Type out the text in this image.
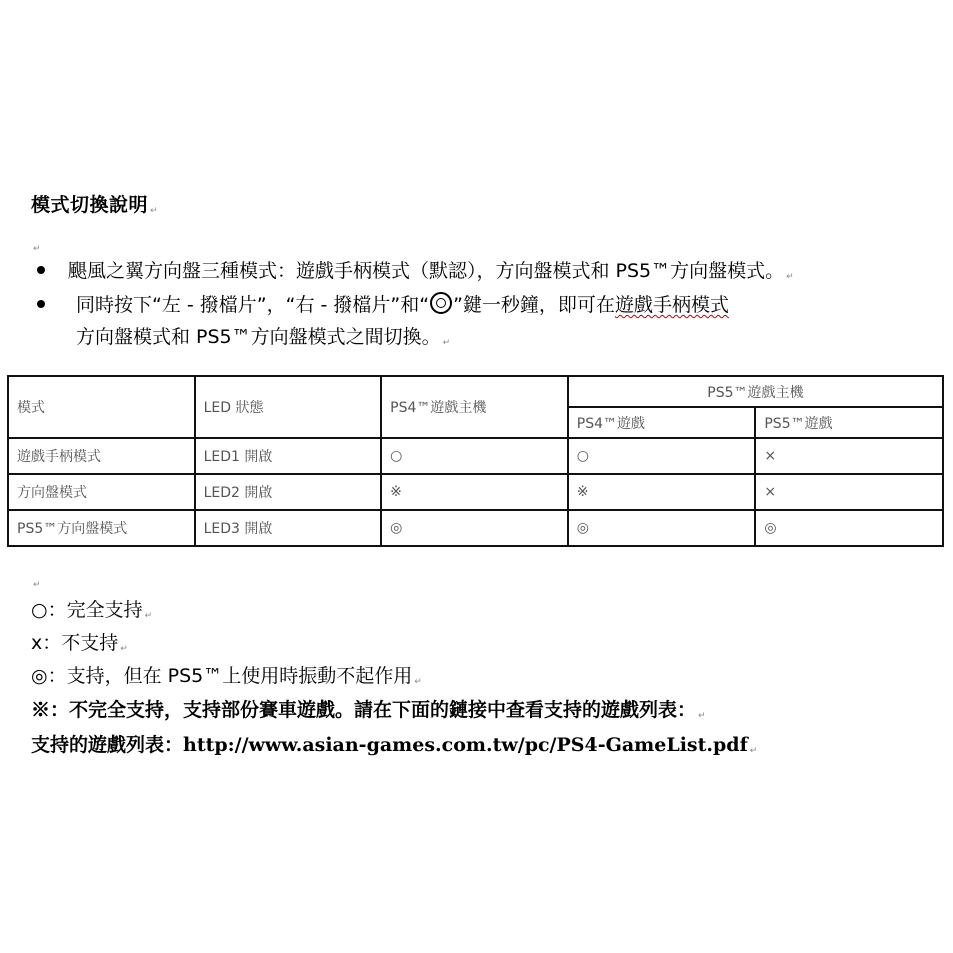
模式切換說明 ↵
↵
颶風之翼方向盤三種模式：遊戲手柄模式（默認），方向盤模式和 PS5™方向盤模式。 ↵
同時按下“左 - 撥檔片”，“右 - 撥檔片”和“ ”鍵一秒鐘，即可在遊戲手柄模式
方向盤模式和 PS5™方向盤模式之間切換。 ↵
模式	LED 狀態	PS4™遊戲主機	PS5™遊戲主機	
			PS4™遊戲	PS5™遊戲
遊戲手柄模式	LED1 開啟	○	○	×
方向盤模式	LED2 開啟	※	※	×
PS5™方向盤模式	LED3 開啟	◎	◎	◎
↵
○：完全支持 ↵
x：不支持 ↵
◎：支持，但在 PS5™上使用時振動不起作用 ↵
※：不完全支持，支持部份賽車遊戲。請在下面的鏈接中查看支持的遊戲列表： ↵
支持的遊戲列表：http://www.asian-games.com.tw/pc/PS4-GameList.pdf ↵
